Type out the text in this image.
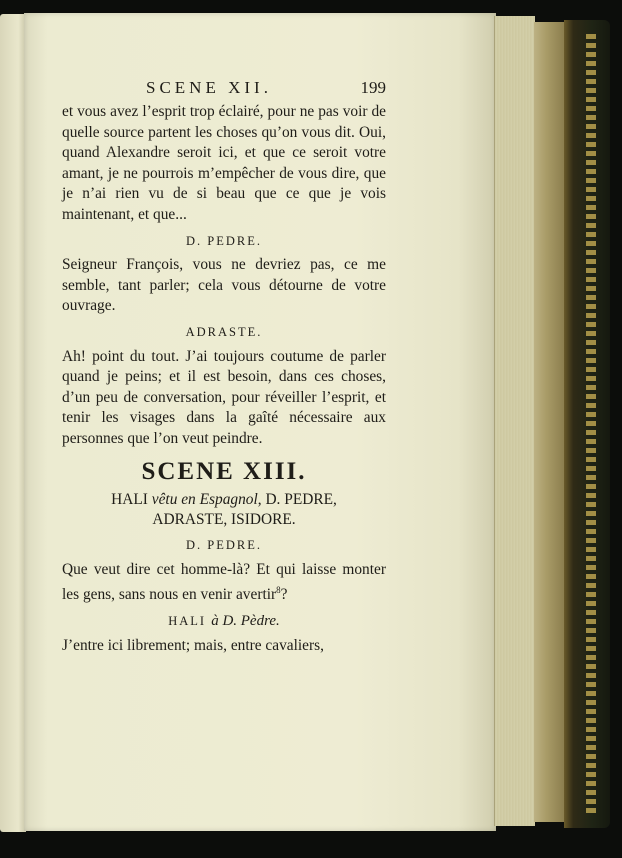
SCENE XII.	199

et vous avez l’esprit trop éclairé, pour ne pas voir de quelle source partent les choses qu’on vous dit. Oui, quand Alexandre seroit ici, et que ce seroit votre amant, je ne pourrois m’empêcher de vous dire, que je n’ai rien vu de si beau que ce que je vois maintenant, et que...

D. PEDRE.

Seigneur François, vous ne devriez pas, ce me semble, tant parler; cela vous détourne de votre ouvrage.

ADRASTE.

Ah! point du tout. J’ai toujours coutume de parler quand je peins; et il est besoin, dans ces choses, d’un peu de conversation, pour réveiller l’esprit, et tenir les visages dans la gaîté nécessaire aux personnes que l’on veut peindre.

SCENE XIII.
HALI vêtu en Espagnol, D. PEDRE,
ADRASTE, ISIDORE.
D. PEDRE.

Que veut dire cet homme-là? Et qui laisse monter les gens, sans nous en venir avertir$^8$?

HALI à D. Pèdre.

J’entre ici librement; mais, entre cavaliers,
